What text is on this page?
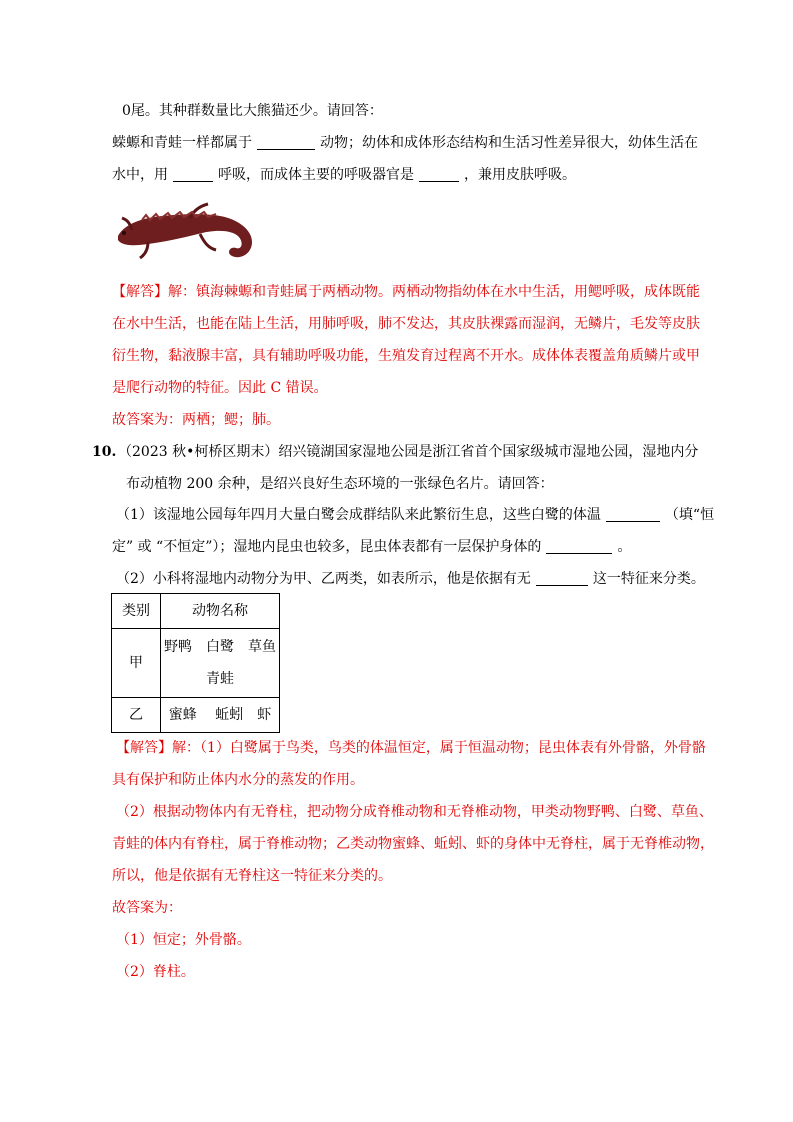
0尾。其种群数量比大熊猫还少。请回答：
蝾螈和青蛙一样都属于	动物；幼体和成体形态结构和生活习性差异很大，幼体生活在
水中，用	呼吸，而成体主要的呼吸器官是	，兼用皮肤呼吸。
【解答】解：镇海棘螈和青蛙属于两栖动物。两栖动物指幼体在水中生活，用鳃呼吸，成体既能
在水中生活，也能在陆上生活，用肺呼吸，肺不发达，其皮肤裸露而湿润，无鳞片，毛发等皮肤
衍生物，黏液腺丰富，具有辅助呼吸功能，生殖发育过程离不开水。成体体表覆盖角质鳞片或甲
是爬行动物的特征。因此 C 错误。
故答案为：两栖；鳃；肺。
10. （2023 秋•柯桥区期末）绍兴镜湖国家湿地公园是浙江省首个国家级城市湿地公园，湿地内分
布动植物 200 余种，是绍兴良好生态环境的一张绿色名片。请回答：
（1）该湿地公园每年四月大量白鹭会成群结队来此繁衍生息，这些白鹭的体温	（填“恒
定” 或 “不恒定”）；湿地内昆虫也较多，昆虫体表都有一层保护身体的	。
（2）小科将湿地内动物分为甲、乙两类，如表所示，他是依据有无	这一特征来分类。
类别	动物名称
甲	野鸭　白鹭　草鱼
青蛙

乙	蜜蜂　 蚯蚓　虾
【解答】解：（1）白鹭属于鸟类，鸟类的体温恒定，属于恒温动物；昆虫体表有外骨骼，外骨骼
具有保护和防止体内水分的蒸发的作用。
（2）根据动物体内有无脊柱，把动物分成脊椎动物和无脊椎动物，甲类动物野鸭、白鹭、草鱼、
青蛙的体内有脊柱，属于脊椎动物；乙类动物蜜蜂、蚯蚓、虾的身体中无脊柱，属于无脊椎动物，
所以，他是依据有无脊柱这一特征来分类的。
故答案为：
（1）恒定；外骨骼。
（2）脊柱。
